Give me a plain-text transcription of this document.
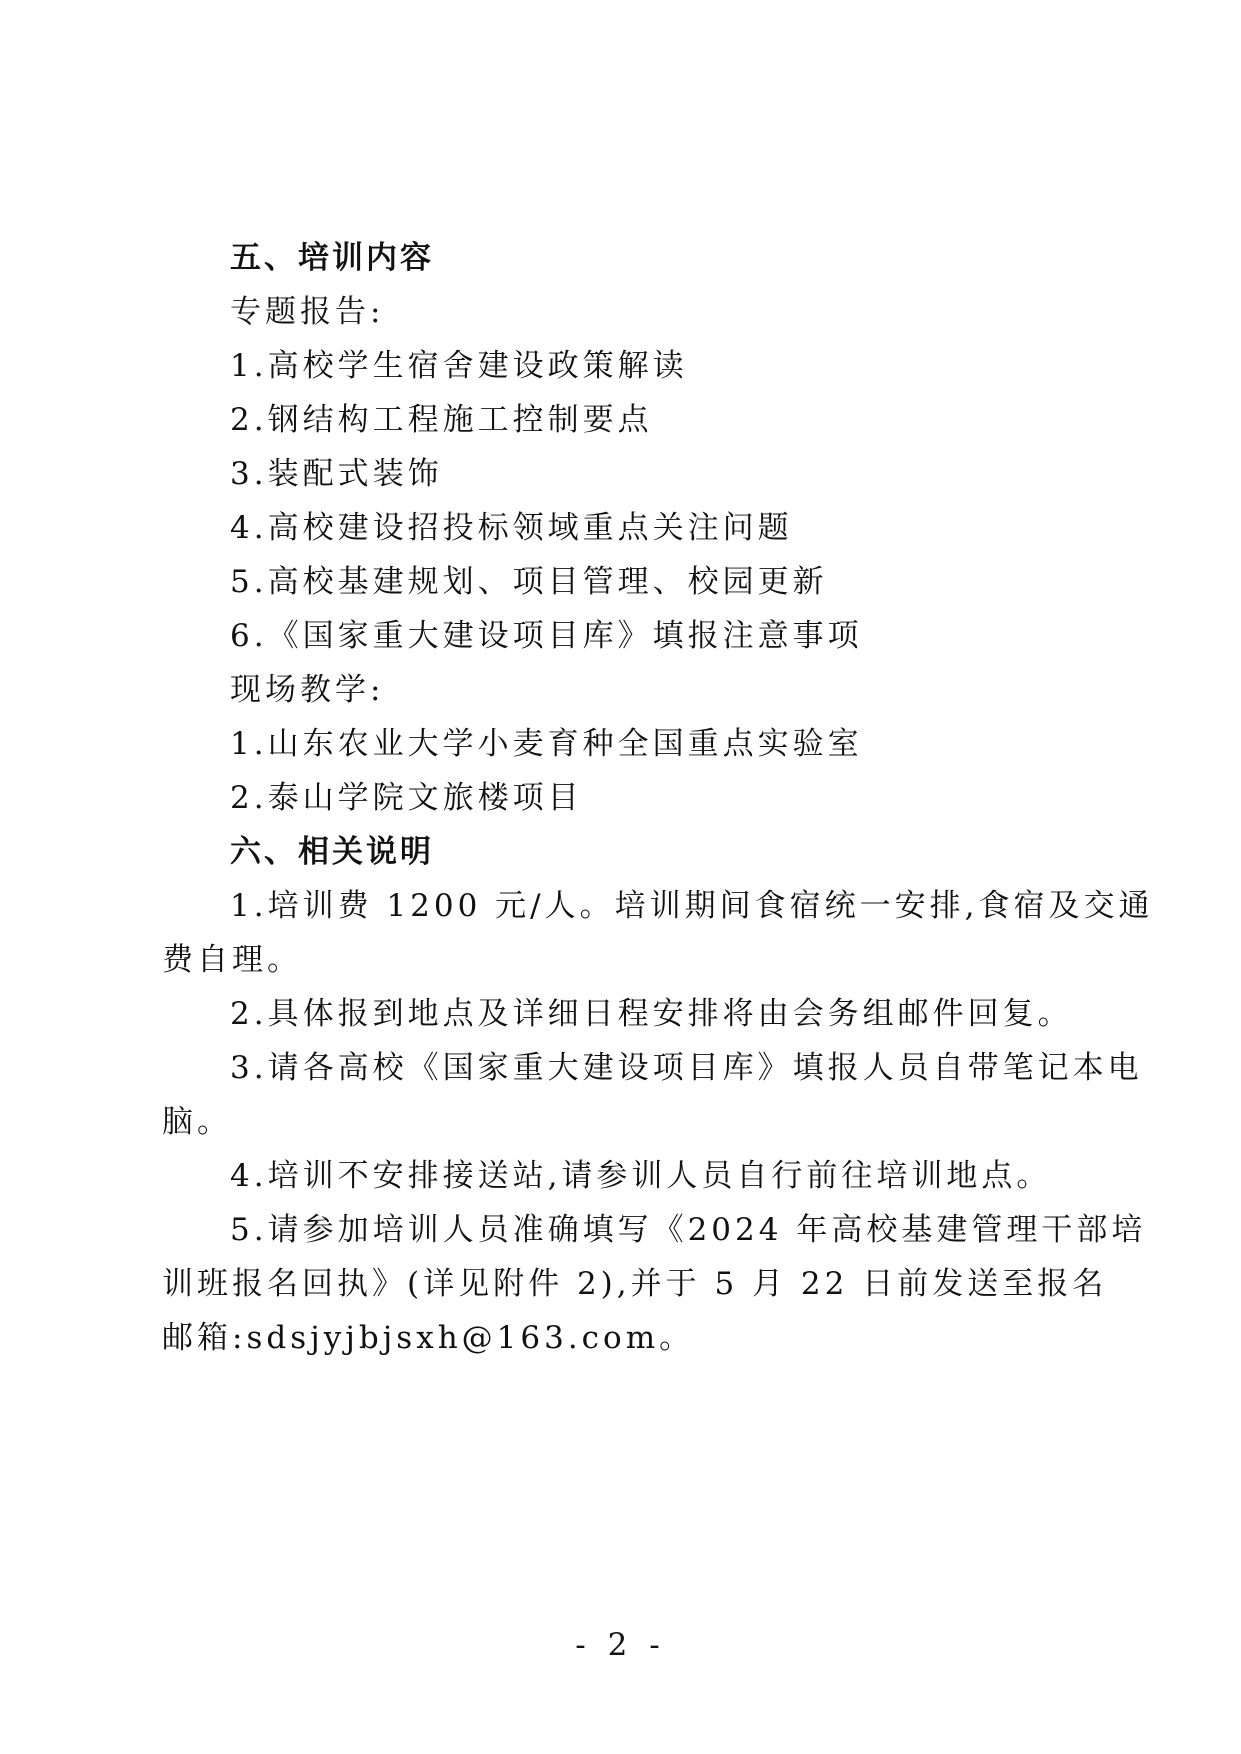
五、培训内容
专题报告:
1.高校学生宿舍建设政策解读
2.钢结构工程施工控制要点
3.装配式装饰
4.高校建设招投标领域重点关注问题
5.高校基建规划、项目管理、校园更新
6.《国家重大建设项目库》填报注意事项
现场教学:
1.山东农业大学小麦育种全国重点实验室
2.泰山学院文旅楼项目
六、相关说明
1.培训费 1200 元/人。培训期间食宿统一安排,食宿及交通
费自理。
2.具体报到地点及详细日程安排将由会务组邮件回复。
3.请各高校《国家重大建设项目库》填报人员自带笔记本电
脑。
4.培训不安排接送站,请参训人员自行前往培训地点。
5.请参加培训人员准确填写《2024 年高校基建管理干部培
训班报名回执》(详见附件 2),并于 5 月 22 日前发送至报名
邮箱:sdsjyjbjsxh@163.com。
- 2 -
